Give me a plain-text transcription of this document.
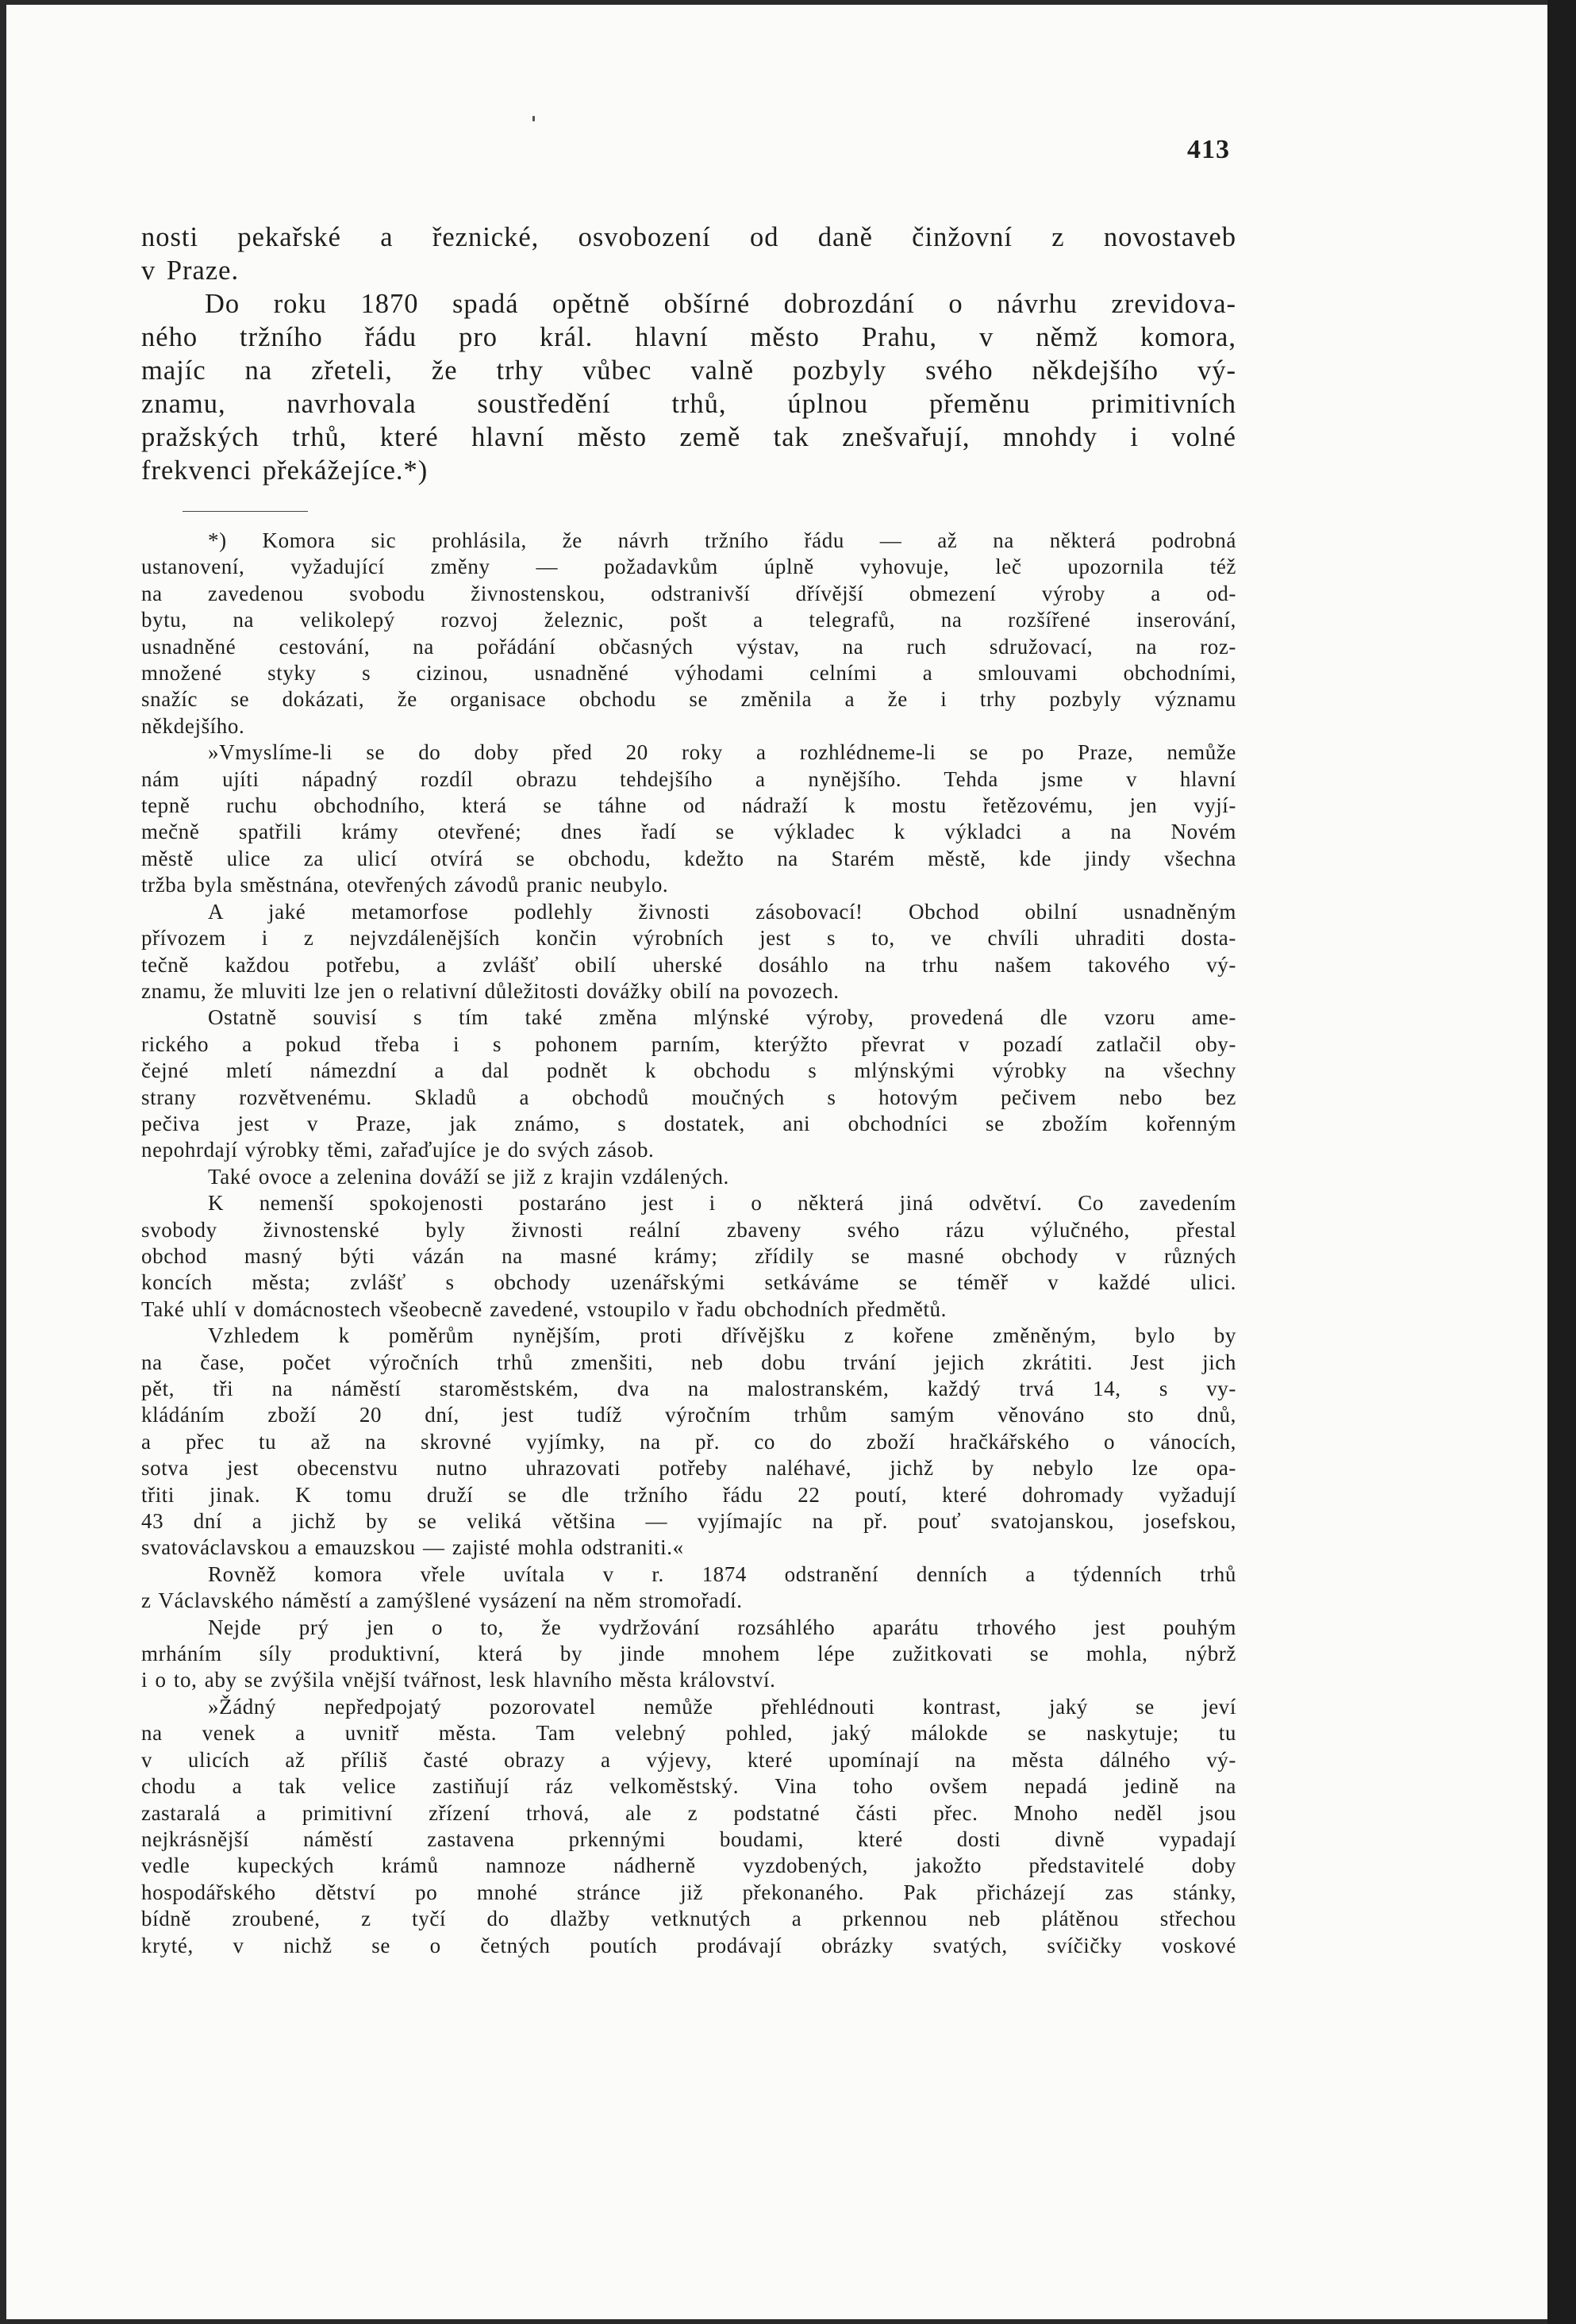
413

nosti pekařské a řeznické, osvobození od daně činžovní z novostaveb

v Praze.

Do roku 1870 spadá opětně obšírné dobrozdání o návrhu zrevidova-

ného tržního řádu pro král. hlavní město Prahu, v němž komora,

majíc na zřeteli, že trhy vůbec valně pozbyly svého někdejšího vý-

znamu, navrhovala soustředění trhů, úplnou přeměnu primitivních

pražských trhů, které hlavní město země tak znešvařují, mnohdy i volné

frekvenci překážejíce.*)

*) Komora sic prohlásila, že návrh tržního řádu — až na některá podrobná

ustanovení, vyžadující změny — požadavkům úplně vyhovuje, leč upozornila též

na zavedenou svobodu živnostenskou, odstranivší dřívější obmezení výroby a od-

bytu, na velikolepý rozvoj železnic, pošt a telegrafů, na rozšířené inserování,

usnadněné cestování, na pořádání občasných výstav, na ruch sdružovací, na roz-

množené styky s cizinou, usnadněné výhodami celními a smlouvami obchodními,

snažíc se dokázati, že organisace obchodu se změnila a že i trhy pozbyly významu

někdejšího.

»Vmyslíme-li se do doby před 20 roky a rozhlédneme-li se po Praze, nemůže

nám ujíti nápadný rozdíl obrazu tehdejšího a nynějšího. Tehda jsme v hlavní

tepně ruchu obchodního, která se táhne od nádraží k mostu řetězovému, jen vyjí-

mečně spatřili krámy otevřené; dnes řadí se výkladec k výkladci a na Novém

městě ulice za ulicí otvírá se obchodu, kdežto na Starém městě, kde jindy všechna

tržba byla směstnána, otevřených závodů pranic neubylo.

A jaké metamorfose podlehly živnosti zásobovací! Obchod obilní usnadněným

přívozem i z nejvzdálenějších končin výrobních jest s to, ve chvíli uhraditi dosta-

tečně každou potřebu, a zvlášť obilí uherské dosáhlo na trhu našem takového vý-

znamu, že mluviti lze jen o relativní důležitosti dovážky obilí na povozech.

Ostatně souvisí s tím také změna mlýnské výroby, provedená dle vzoru ame-

rického a pokud třeba i s pohonem parním, kterýžto převrat v pozadí zatlačil oby-

čejné mletí námezdní a dal podnět k obchodu s mlýnskými výrobky na všechny

strany rozvětvenému. Skladů a obchodů moučných s hotovým pečivem nebo bez

pečiva jest v Praze, jak známo, s dostatek, ani obchodníci se zbožím kořenným

nepohrdají výrobky těmi, zařaďujíce je do svých zásob.

Také ovoce a zelenina dováží se již z krajin vzdálených.

K nemenší spokojenosti postaráno jest i o některá jiná odvětví. Co zavedením

svobody živnostenské byly živnosti reální zbaveny svého rázu výlučného, přestal

obchod masný býti vázán na masné krámy; zřídily se masné obchody v různých

koncích města; zvlášť s obchody uzenářskými setkáváme se téměř v každé ulici.

Také uhlí v domácnostech všeobecně zavedené, vstoupilo v řadu obchodních předmětů.

Vzhledem k poměrům nynějším, proti dřívějšku z kořene změněným, bylo by

na čase, počet výročních trhů zmenšiti, neb dobu trvání jejich zkrátiti. Jest jich

pět, tři na náměstí staroměstském, dva na malostranském, každý trvá 14, s vy-

kládáním zboží 20 dní, jest tudíž výročním trhům samým věnováno sto dnů,

a přec tu až na skrovné vyjímky, na př. co do zboží hračkářského o vánocích,

sotva jest obecenstvu nutno uhrazovati potřeby naléhavé, jichž by nebylo lze opa-

třiti jinak. K tomu druží se dle tržního řádu 22 poutí, které dohromady vyžadují

43 dní a jichž by se veliká většina — vyjímajíc na př. pouť svatojanskou, josefskou,

svatováclavskou a emauzskou — zajisté mohla odstraniti.«

Rovněž komora vřele uvítala v r. 1874 odstranění denních a týdenních trhů

z Václavského náměstí a zamýšlené vysázení na něm stromořadí.

Nejde prý jen o to, že vydržování rozsáhlého aparátu trhového jest pouhým

mrháním síly produktivní, která by jinde mnohem lépe zužitkovati se mohla, nýbrž

i o to, aby se zvýšila vnější tvářnost, lesk hlavního města království.

»Žádný nepředpojatý pozorovatel nemůže přehlédnouti kontrast, jaký se jeví

na venek a uvnitř města. Tam velebný pohled, jaký málokde se naskytuje; tu

v ulicích až příliš časté obrazy a výjevy, které upomínají na města dálného vý-

chodu a tak velice zastiňují ráz velkoměstský. Vina toho ovšem nepadá jedině na

zastaralá a primitivní zřízení trhová, ale z podstatné části přec. Mnoho neděl jsou

nejkrásnější náměstí zastavena prkennými boudami, které dosti divně vypadají

vedle kupeckých krámů namnoze nádherně vyzdobených, jakožto představitelé doby

hospodářského dětství po mnohé stránce již překonaného. Pak přicházejí zas stánky,

bídně zroubené, z tyčí do dlažby vetknutých a prkennou neb plátěnou střechou

kryté, v nichž se o četných poutích prodávají obrázky svatých, svíčičky voskové
